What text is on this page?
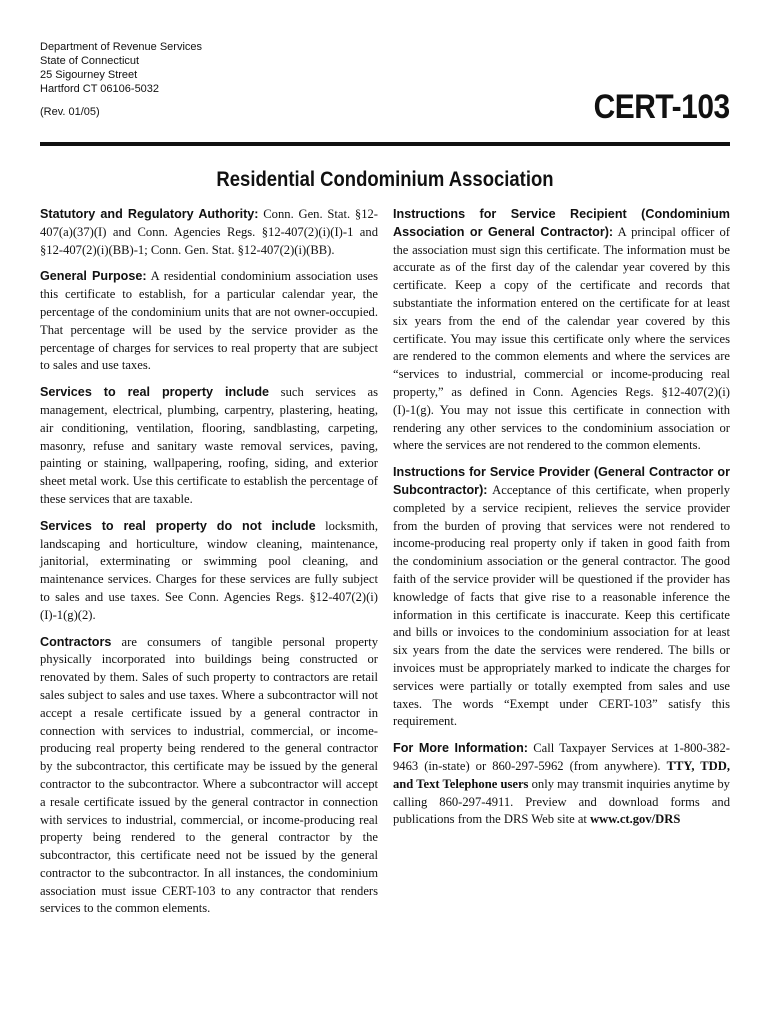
Department of Revenue Services
State of Connecticut
25 Sigourney Street
Hartford CT 06106-5032
(Rev. 01/05)	CERT-103
Residential Condominium Association

Statutory and Regulatory Authority: Conn. Gen. Stat. §12-407(a)(37)(I) and Conn. Agencies Regs. §12-407(2)(i)(I)-1 and §12-407(2)(i)(BB)-1; Conn. Gen. Stat. §12-407(2)(i)(BB).

General Purpose: A residential condominium association uses this certificate to establish, for a particular calendar year, the percentage of the condominium units that are not owner-occupied. That percentage will be used by the service provider as the percentage of charges for services to real property that are subject to sales and use taxes.

Services to real property include such services as management, electrical, plumbing, carpentry, plastering, heating, air conditioning, ventilation, flooring, sandblasting, carpeting, masonry, refuse and sanitary waste removal services, paving, painting or staining, wallpapering, roofing, siding, and exterior sheet metal work. Use this certificate to establish the percentage of these services that are taxable.

Services to real property do not include locksmith, landscaping and horticulture, window cleaning, maintenance, janitorial, exterminating or swimming pool cleaning, and maintenance services. Charges for these services are fully subject to sales and use taxes. See Conn. Agencies Regs. §12-407(2)(i)(I)-1(g)(2).

Contractors are consumers of tangible personal property physically incorporated into buildings being constructed or renovated by them. Sales of such property to contractors are retail sales subject to sales and use taxes. Where a subcontractor will not accept a resale certificate issued by a general contractor in connection with services to industrial, commercial, or income-producing real property being rendered to the general contractor by the subcontractor, this certificate may be issued by the general contractor to the subcontractor. Where a subcontractor will accept a resale certificate issued by the general contractor in connection with services to industrial, commercial, or income-producing real property being rendered to the general contractor by the subcontractor, this certificate need not be issued by the general contractor to the subcontractor. In all instances, the condominium association must issue CERT-103 to any contractor that renders services to the common elements.

Instructions for Service Recipient (Condominium Association or General Contractor): A principal officer of the association must sign this certificate. The information must be accurate as of the first day of the calendar year covered by this certificate. Keep a copy of the certificate and records that substantiate the information entered on the certificate for at least six years from the end of the calendar year covered by this certificate. You may issue this certificate only where the services are rendered to the common elements and where the services are “services to industrial, commercial or income-producing real property,” as defined in Conn. Agencies Regs. §12-407(2)(i)(I)-1(g). You may not issue this certificate in connection with rendering any other services to the condominium association or where the services are not rendered to the common elements.

Instructions for Service Provider (General Contractor or Subcontractor): Acceptance of this certificate, when properly completed by a service recipient, relieves the service provider from the burden of proving that services were not rendered to income-producing real property only if taken in good faith from the condominium association or the general contractor. The good faith of the service provider will be questioned if the provider has knowledge of facts that give rise to a reasonable inference the information in this certificate is inaccurate. Keep this certificate and bills or invoices to the condominium association for at least six years from the date the services were rendered. The bills or invoices must be appropriately marked to indicate the charges for services were partially or totally exempted from sales and use taxes. The words “Exempt under CERT-103” satisfy this requirement.

For More Information: Call Taxpayer Services at 1-800-382-9463 (in-state) or 860-297-5962 (from anywhere). TTY, TDD, and Text Telephone users only may transmit inquiries anytime by calling 860-297-4911. Preview and download forms and publications from the DRS Web site at www.ct.gov/DRS
